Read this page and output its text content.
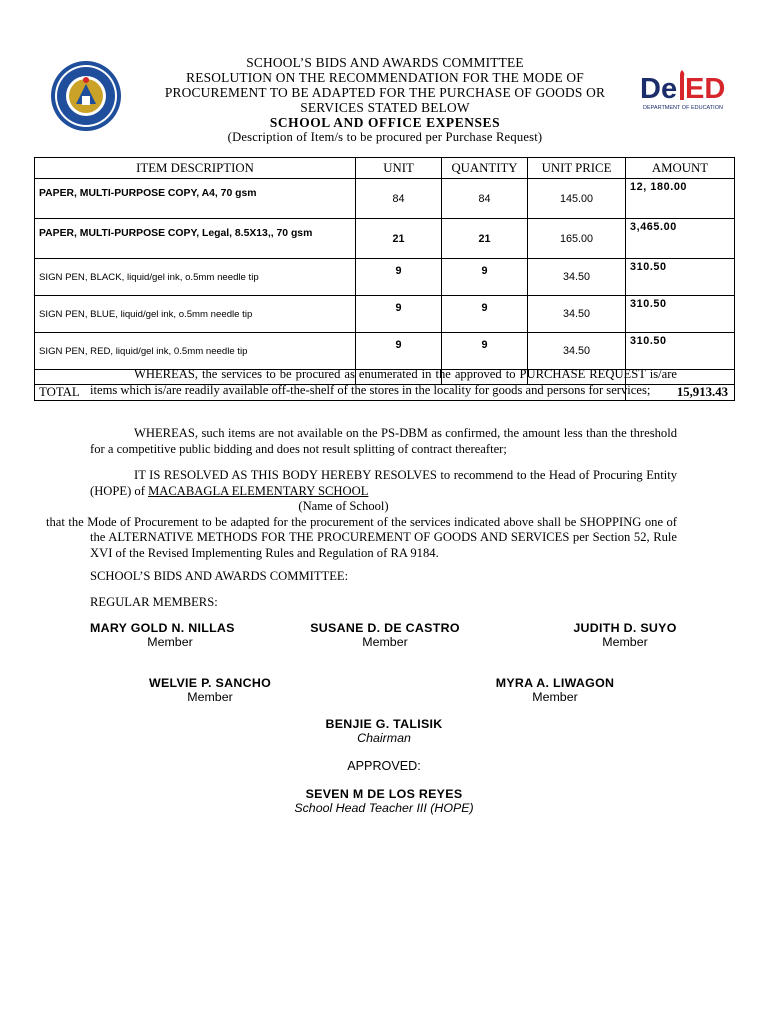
De ED
DEPARTMENT OF EDUCATION
SCHOOL’S BIDS AND AWARDS COMMITTEE
RESOLUTION ON THE RECOMMENDATION FOR THE MODE OF
PROCUREMENT TO BE ADAPTED FOR THE PURCHASE OF GOODS OR
SERVICES STATED BELOW
SCHOOL AND OFFICE EXPENSES
(Description of Item/s to be procured per Purchase Request)
ITEM DESCRIPTION	UNIT	QUANTITY	UNIT PRICE	AMOUNT
PAPER, MULTI-PURPOSE COPY, A4, 70 gsm	84	84	145.00	12, 180.00
PAPER, MULTI-PURPOSE COPY, Legal, 8.5X13,, 70 gsm	21	21	165.00	3,465.00
SIGN PEN, BLACK, liquid/gel ink, o.5mm needle tip	9	9	34.50	310.50
SIGN PEN, BLUE, liquid/gel ink, o.5mm needle tip	9	9	34.50	310.50
SIGN PEN, RED, liquid/gel ink, 0.5mm needle tip	9	9	34.50	310.50

TOTAL				15,913.43
WHEREAS, the services to be procured as enumerated in the approved to PURCHASE REQUEST is/are items which is/are readily available off-the-shelf of the stores in the locality for goods and persons for services;
WHEREAS, such items are not available on the PS-DBM as confirmed, the amount less than the threshold for a competitive public bidding and does not result splitting of contract thereafter;
IT IS RESOLVED AS THIS BODY HEREBY RESOLVES to recommend to the Head of Procuring Entity (HOPE) of MACABAGLA ELEMENTARY SCHOOL
(Name of School)
that the Mode of Procurement to be adapted for the procurement of the services indicated above shall be SHOPPING one of the ALTERNATIVE METHODS FOR THE PROCUREMENT OF GOODS AND SERVICES per Section 52, Rule XVI of the Revised Implementing Rules and Regulation of RA 9184.
SCHOOL’S BIDS AND AWARDS COMMITTEE:
REGULAR MEMBERS:
MARY GOLD N. NILLAS
Member
SUSANE D. DE CASTRO
Member
JUDITH D. SUYO
Member
WELVIE P. SANCHO
Member
MYRA A. LIWAGON
Member
BENJIE G. TALISIK
Chairman
APPROVED:
SEVEN M DE LOS REYES
School Head Teacher III (HOPE)
